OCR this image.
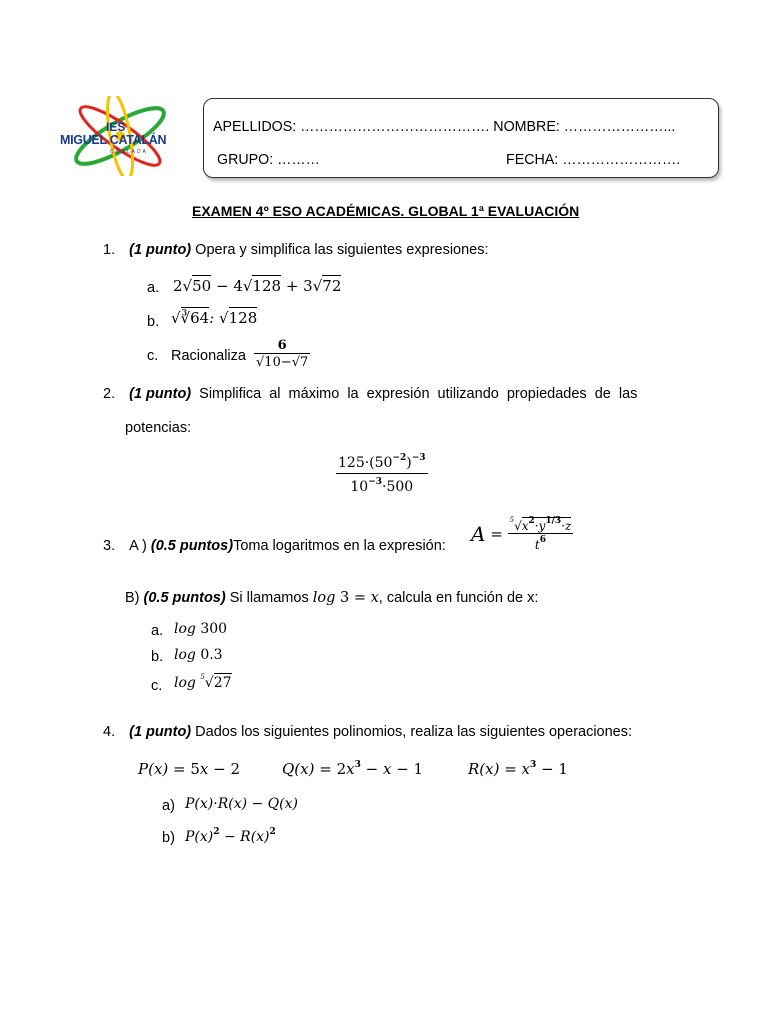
IES
MIGUEL CATALÁN
COSLADA
APELLIDOS: …………………………………. NOMBRE: …………………...
GRUPO: ………	FECHA: …………………….
EXAMEN 4º ESO ACADÉMICAS. GLOBAL 1ª EVALUACIÓN
1. (1 punto) Opera y simplifica las siguientes expresiones:
a. 2√50 − 4√128 + 3√72
b. √∛64: √128
c. Racionaliza $\frac{6}{√10-√7}$
2. (1 punto) Simplifica al máximo la expresión utilizando propiedades de las
potencias:
$\frac{125\cdot(50^{-2})^{-3}}{10^{-3}\cdot 500}$
3. A ) (0.5 puntos)Toma logaritmos en la expresión: $A = \frac{^5√x^2\cdot y^{1/3}\cdot z}{t^6}$
B) (0.5 puntos) Si llamamos log 3 = x, calcula en función de x:
a. log 300
b. log 0.3
c. log $^5$√27
4. (1 punto) Dados los siguientes polinomios, realiza las siguientes operaciones:
P(x) = 5x − 2	$Q(x) = 2x^3 - x - 1$	$R(x) = x^3 - 1$
a) P(x)·R(x) − Q(x)
b) $P(x)^2 - R(x)^2$
